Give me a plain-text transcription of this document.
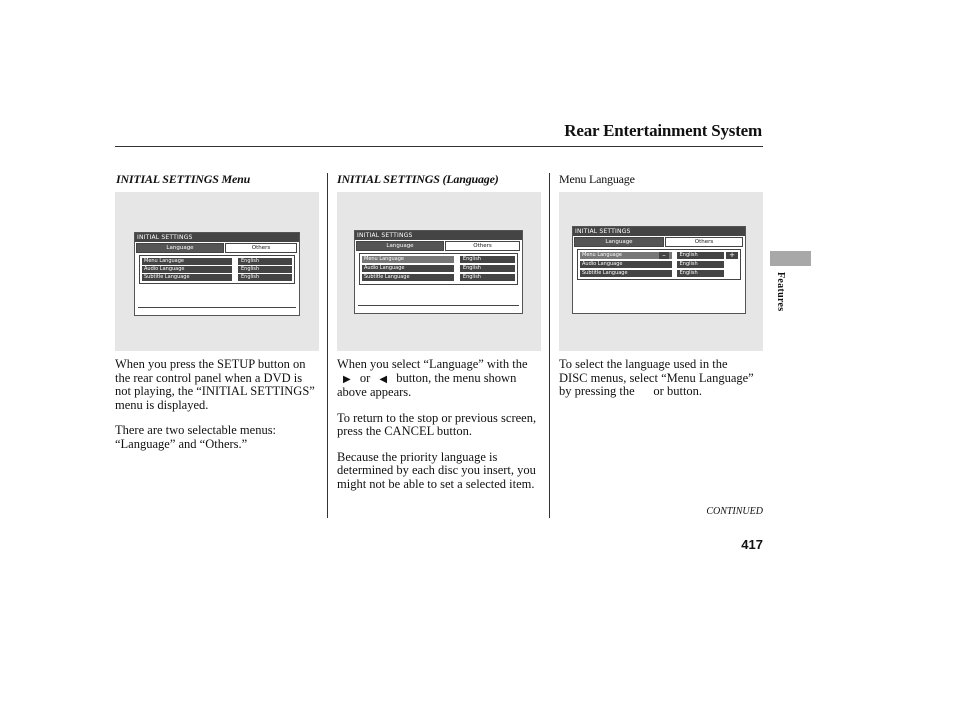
Rear Entertainment System
INITIAL SETTINGS Menu
INITIAL SETTINGS
Language	Others
Menu Language	English
Audio Language	English
Subtitle Language	English

When you press the SETUP button on the rear control panel when a DVD is not playing, the “INITIAL SETTINGS” menu is displayed.

There are two selectable menus: “Language” and “Others.”

INITIAL SETTINGS (Language)
INITIAL SETTINGS
Language	Others
Menu Language	English
Audio Language	English
Subtitle Language	English

When you select “Language” with the ▶ or ◀ button, the menu shown above appears.

To return to the stop or previous screen, press the CANCEL button.

Because the priority language is determined by each disc you insert, you might not be able to set a selected item.

Menu Language
INITIAL SETTINGS
Language	Others
Menu Language	–	English	+
Audio Language	English
Subtitle Language	English

To select the language used in the DISC menus, select “Menu Language” by pressing the      or button.

Features
CONTINUED
417
